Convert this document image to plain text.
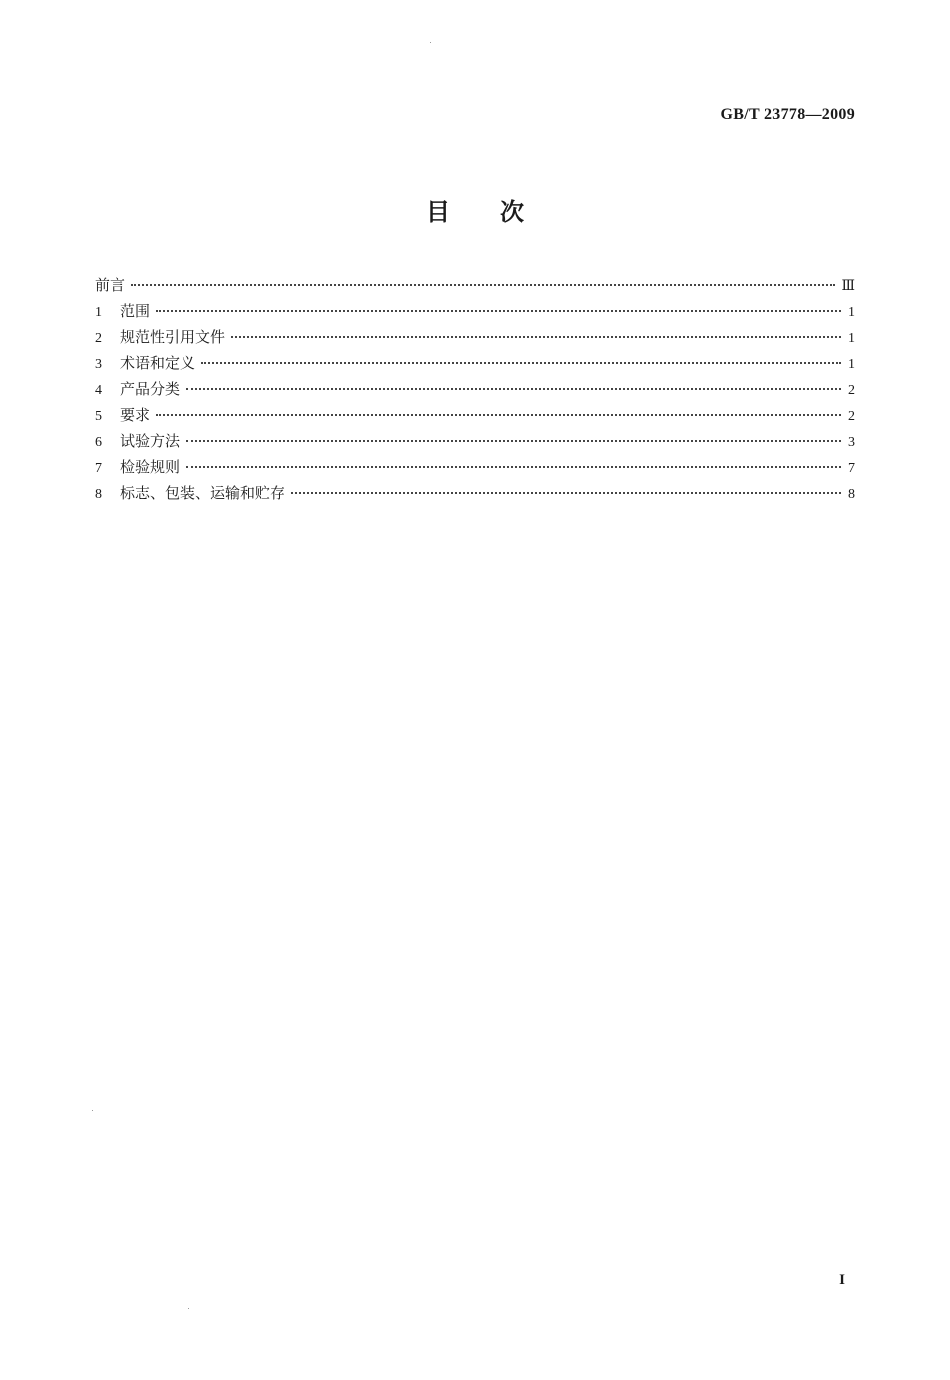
GB/T 23778—2009
目 次
前言	Ⅲ
1	范围	1
2	规范性引用文件	1
3	术语和定义	1
4	产品分类	2
5	要求	2
6	试验方法	3
7	检验规则	7
8	标志、包装、运输和贮存	8
I
